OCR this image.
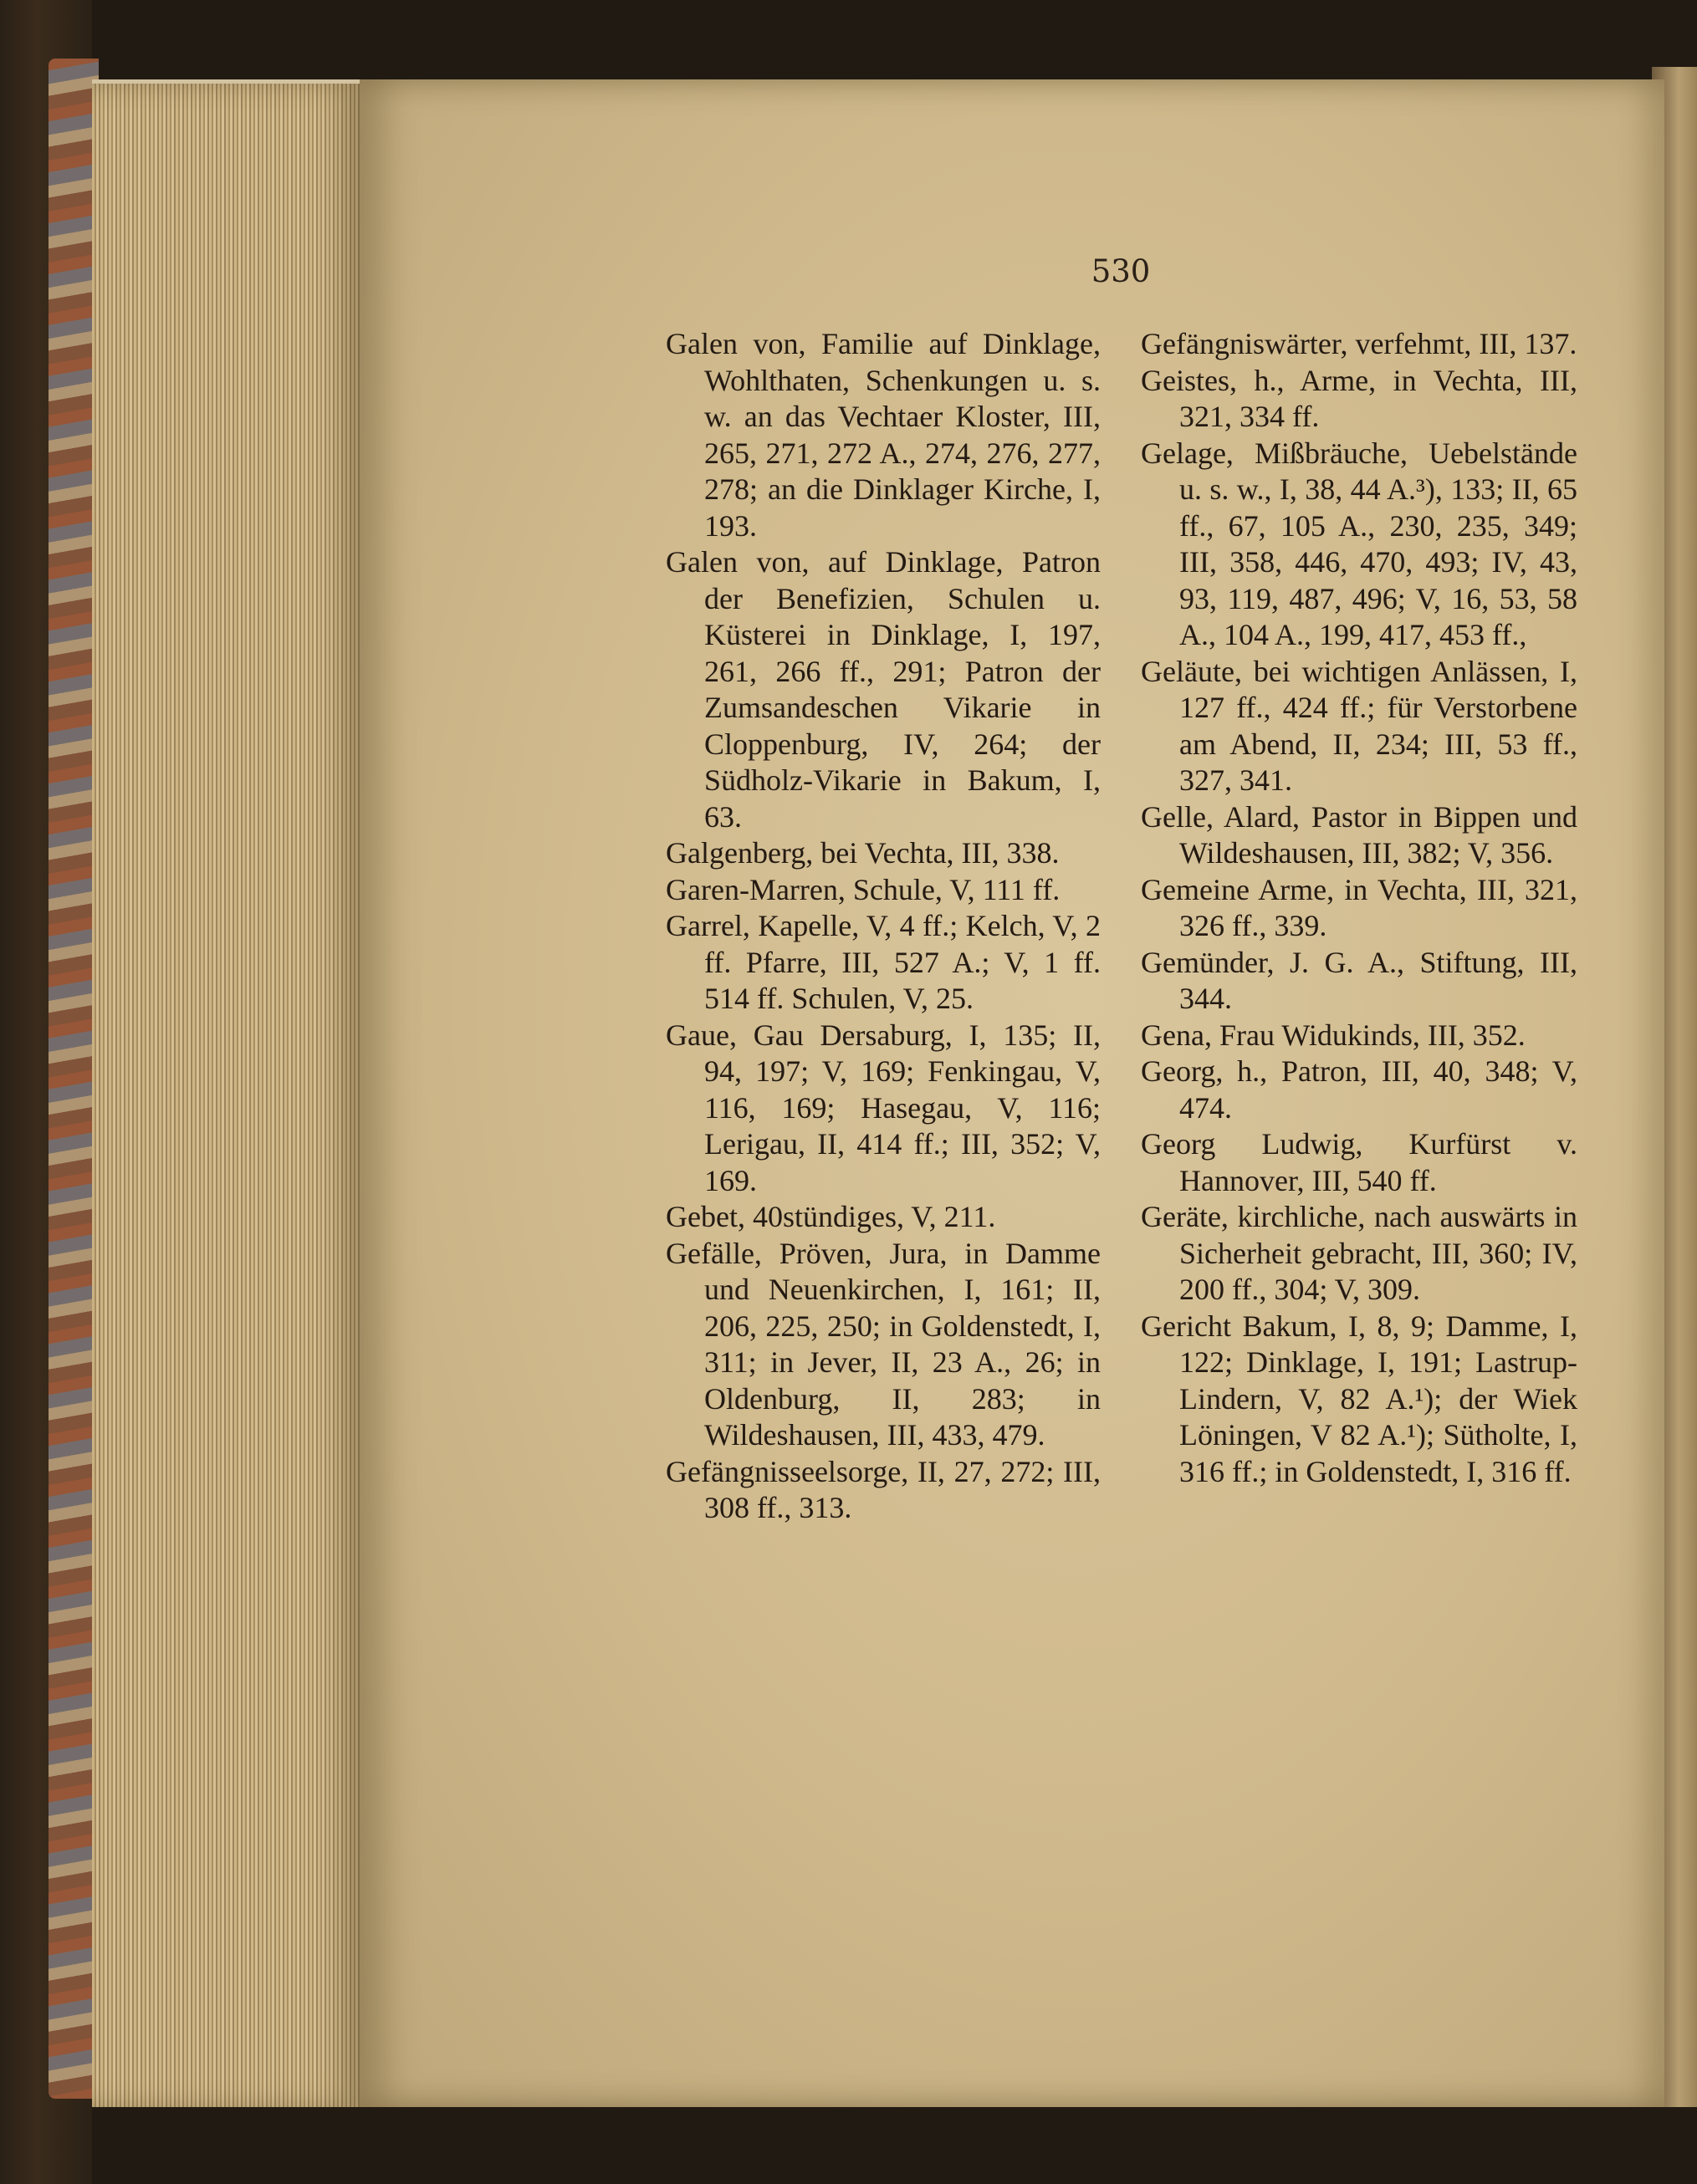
530

Galen von, Familie auf Dinklage, Wohlthaten, Schenkungen u. s. w. an das Vechtaer Kloster, III, 265, 271, 272 A., 274, 276, 277, 278; an die Dinklager Kirche, I, 193.

Galen von, auf Dinklage, Patron der Benefizien, Schulen u. Küsterei in Dinklage, I, 197, 261, 266 ff., 291; Patron der Zumsandeschen Vikarie in Cloppenburg, IV, 264; der Südholz-Vikarie in Bakum, I, 63.

Galgenberg, bei Vechta, III, 338.

Garen-Marren, Schule, V, 111 ff.

Garrel, Kapelle, V, 4 ff.; Kelch, V, 2 ff. Pfarre, III, 527 A.; V, 1 ff. 514 ff. Schulen, V, 25.

Gaue, Gau Dersaburg, I, 135; II, 94, 197; V, 169; Fenkingau, V, 116, 169; Hasegau, V, 116; Lerigau, II, 414 ff.; III, 352; V, 169.

Gebet, 40stündiges, V, 211.

Gefälle, Pröven, Jura, in Damme und Neuenkirchen, I, 161; II, 206, 225, 250; in Goldenstedt, I, 311; in Jever, II, 23 A., 26; in Oldenburg, II, 283; in Wildeshausen, III, 433, 479.

Gefängnisseelsorge, II, 27, 272; III, 308 ff., 313.

Gefängniswärter, verfehmt, III, 137.

Geistes, h., Arme, in Vechta, III, 321, 334 ff.

Gelage, Mißbräuche, Uebelstände u. s. w., I, 38, 44 A.³), 133; II, 65 ff., 67, 105 A., 230, 235, 349; III, 358, 446, 470, 493; IV, 43, 93, 119, 487, 496; V, 16, 53, 58 A., 104 A., 199, 417, 453 ff.,

Geläute, bei wichtigen Anlässen, I, 127 ff., 424 ff.; für Verstorbene am Abend, II, 234; III, 53 ff., 327, 341.

Gelle, Alard, Pastor in Bippen und Wildeshausen, III, 382; V, 356.

Gemeine Arme, in Vechta, III, 321, 326 ff., 339.

Gemünder, J. G. A., Stiftung, III, 344.

Gena, Frau Widukinds, III, 352.

Georg, h., Patron, III, 40, 348; V, 474.

Georg Ludwig, Kurfürst v. Hannover, III, 540 ff.

Geräte, kirchliche, nach auswärts in Sicherheit gebracht, III, 360; IV, 200 ff., 304; V, 309.

Gericht Bakum, I, 8, 9; Damme, I, 122; Dinklage, I, 191; Lastrup-Lindern, V, 82 A.¹); der Wiek Löningen, V 82 A.¹); Sütholte, I, 316 ff.; in Goldenstedt, I, 316 ff.
